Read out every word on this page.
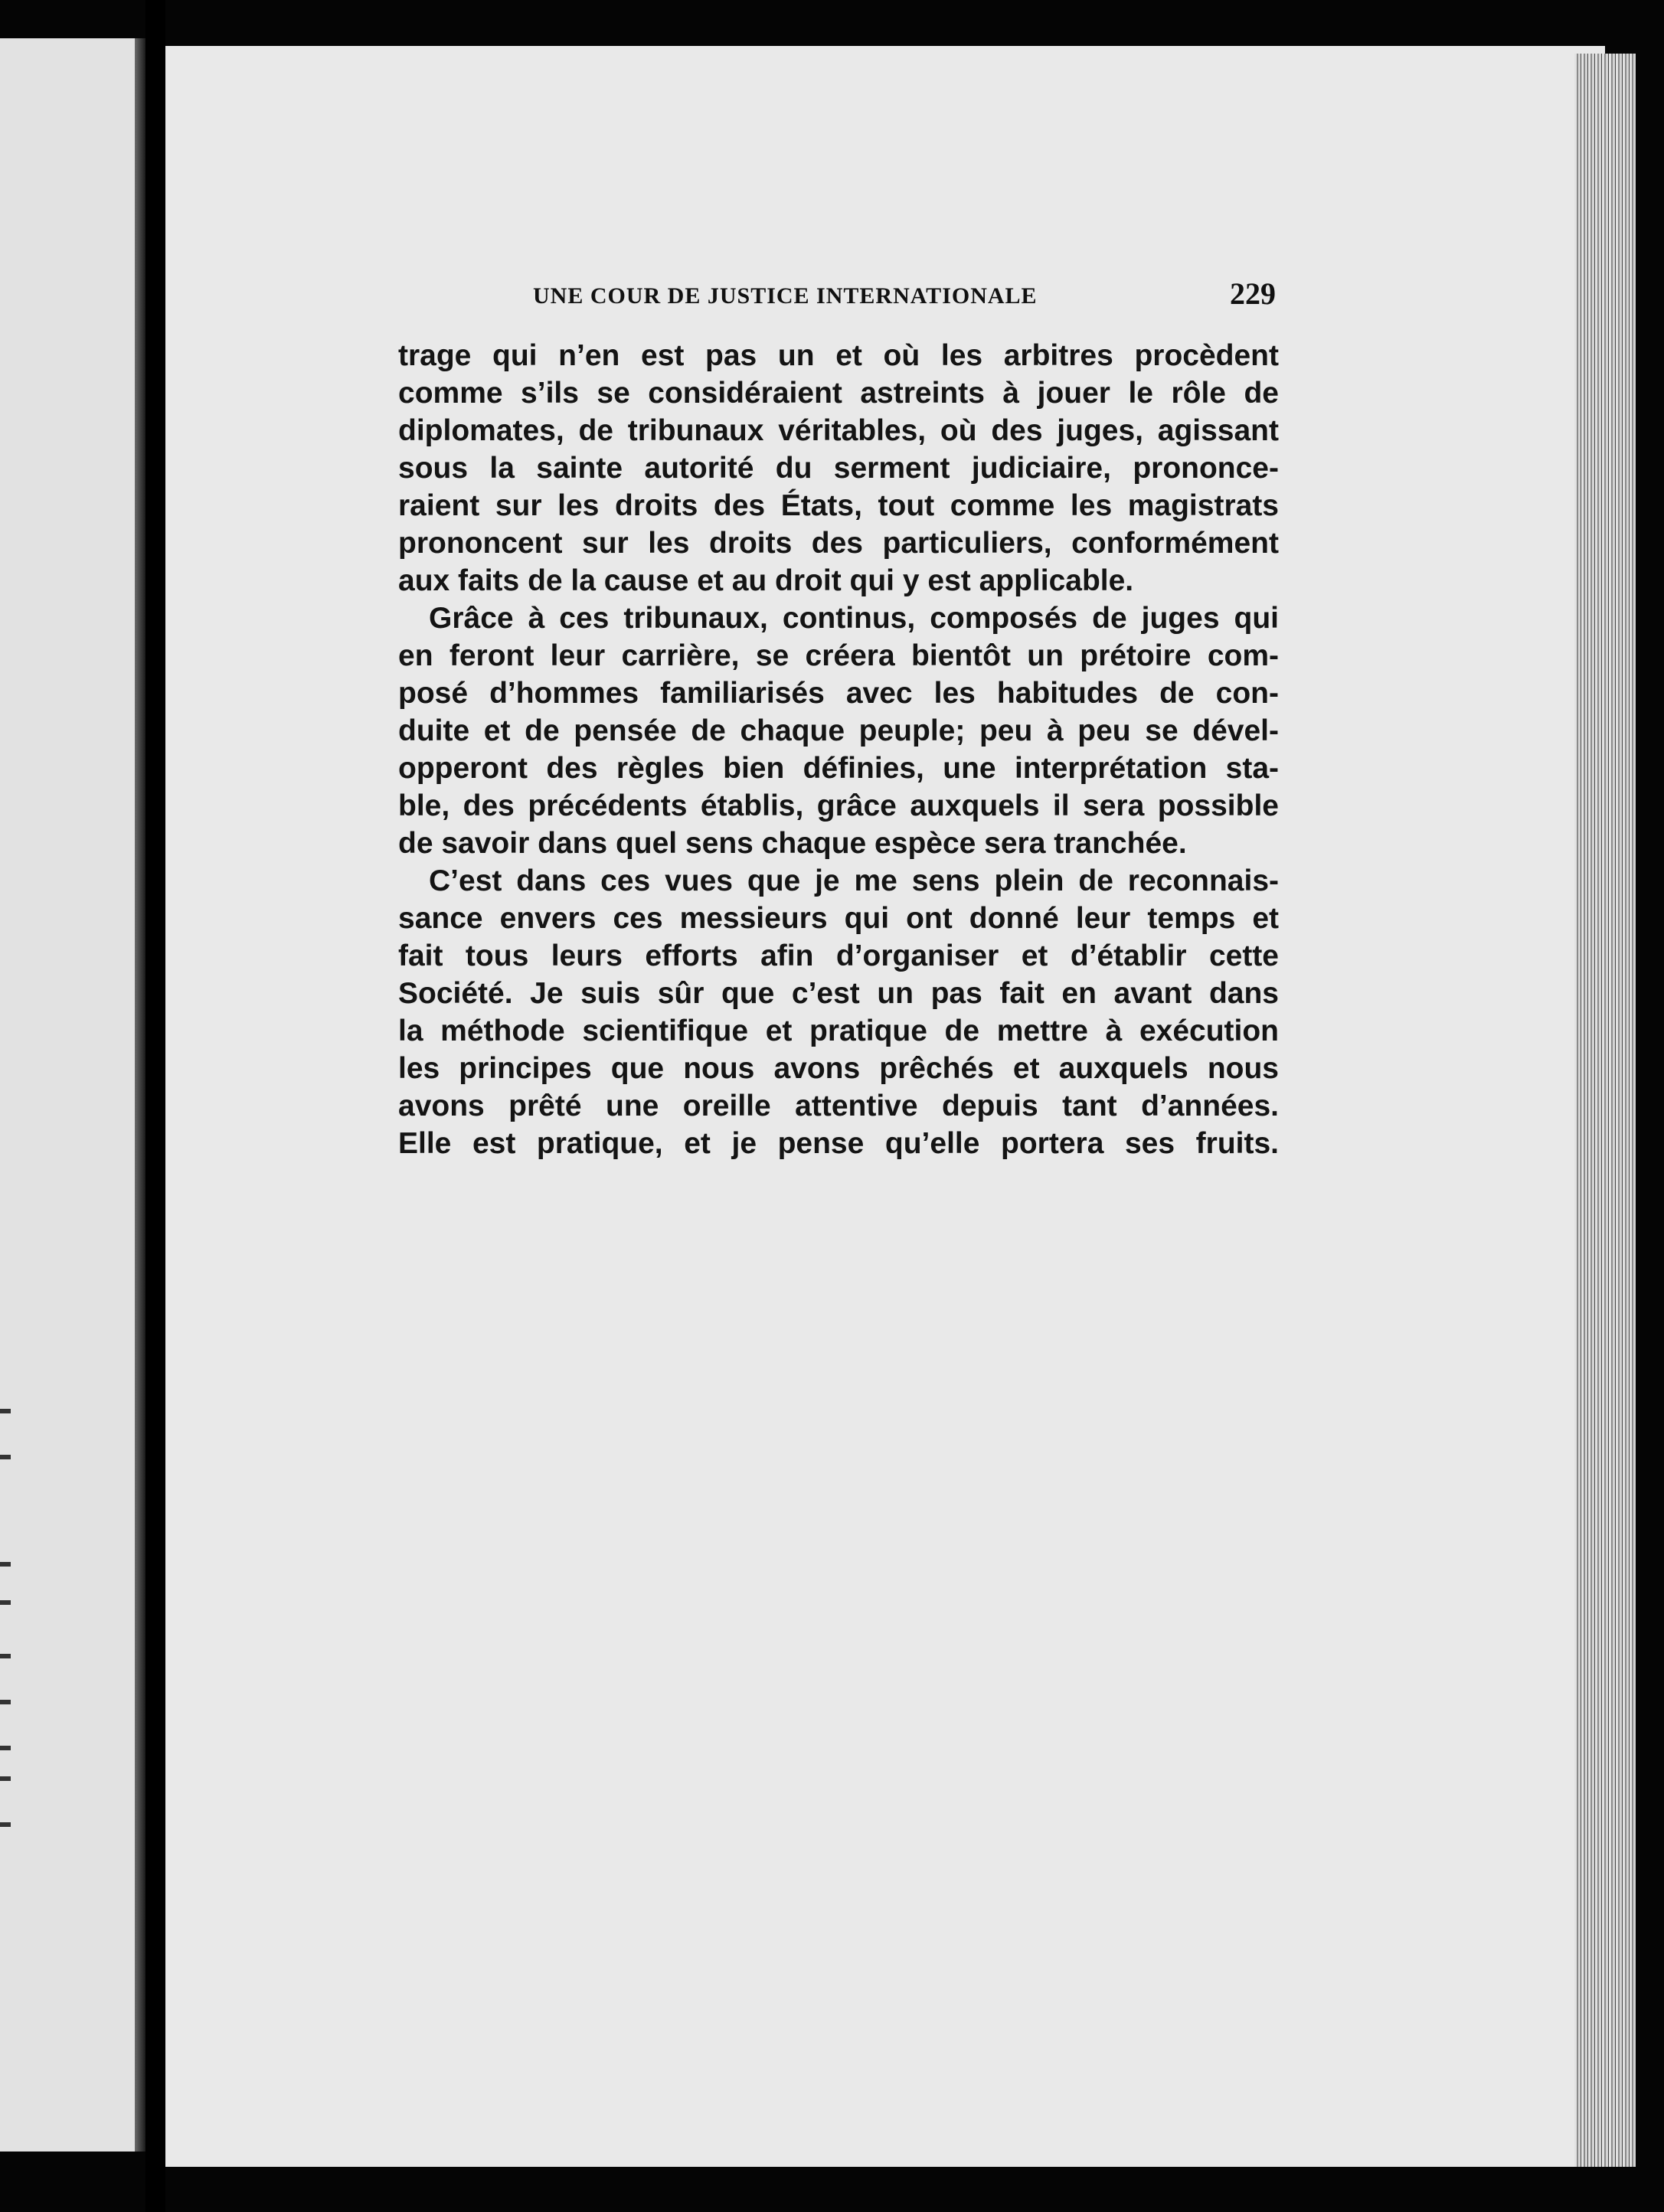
UNE COUR DE JUSTICE INTERNATIONALE	229
trage qui n’en est pas un et où les arbitres procèdent
comme s’ils se considéraient astreints à jouer le rôle de
diplomates, de tribunaux véritables, où des juges, agissant
sous la sainte autorité du serment judiciaire, prononce-
raient sur les droits des États, tout comme les magistrats
prononcent sur les droits des particuliers, conformément
aux faits de la cause et au droit qui y est applicable.
Grâce à ces tribunaux, continus, composés de juges qui
en feront leur carrière, se créera bientôt un prétoire com-
posé d’hommes familiarisés avec les habitudes de con-
duite et de pensée de chaque peuple; peu à peu se dével-
opperont des règles bien définies, une interprétation sta-
ble, des précédents établis, grâce auxquels il sera possible
de savoir dans quel sens chaque espèce sera tranchée.
C’est dans ces vues que je me sens plein de reconnais-
sance envers ces messieurs qui ont donné leur temps et
fait tous leurs efforts afin d’organiser et d’établir cette
Société. Je suis sûr que c’est un pas fait en avant dans
la méthode scientifique et pratique de mettre à exécution
les principes que nous avons prêchés et auxquels nous
avons prêté une oreille attentive depuis tant d’années.
Elle est pratique, et je pense qu’elle portera ses fruits.
